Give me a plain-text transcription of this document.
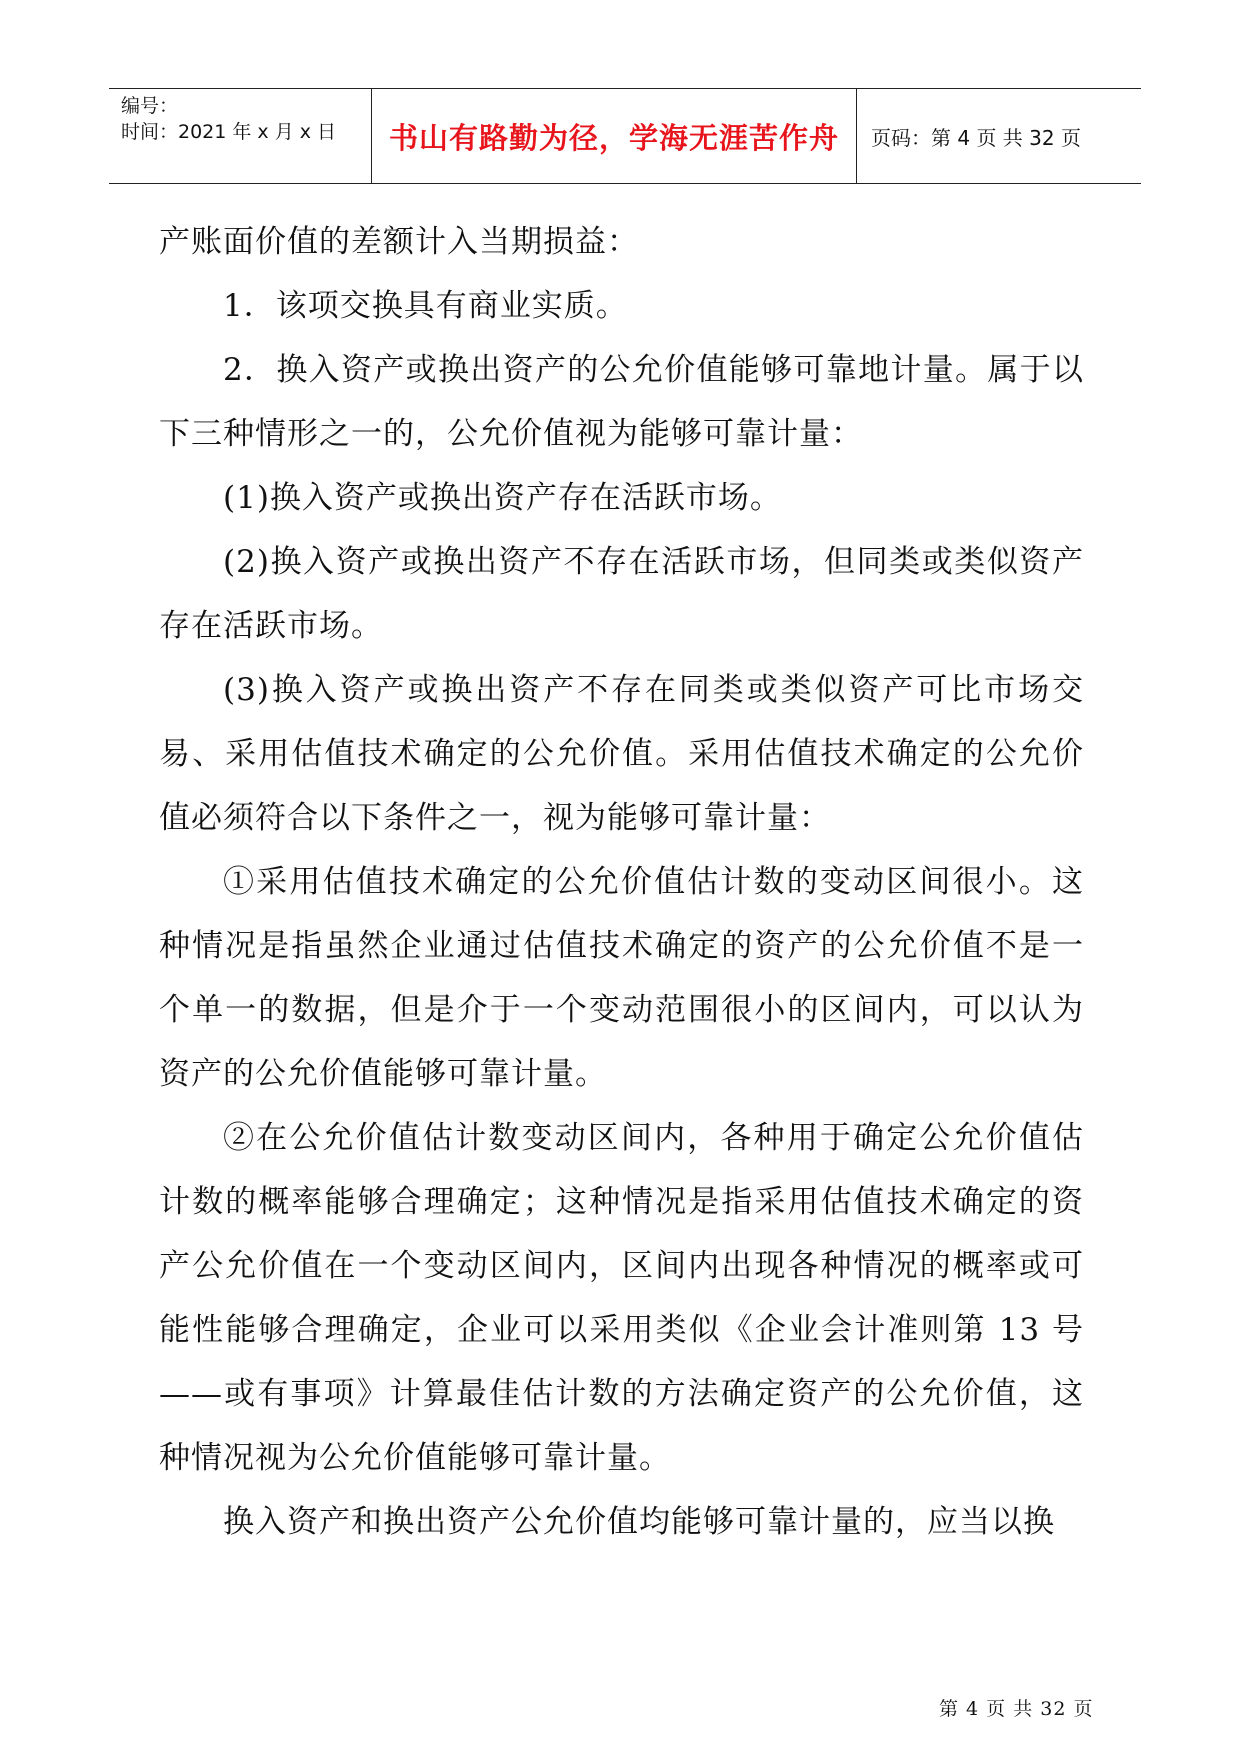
编号：
时间：2021 年 x 月 x 日	书山有路勤为径，学海无涯苦作舟 页码：第 4 页 共 32 页

产账面价值的差额计入当期损益：

1．该项交换具有商业实质。

2．换入资产或换出资产的公允价值能够可靠地计量。属于以下三种情形之一的，公允价值视为能够可靠计量：

(1)换入资产或换出资产存在活跃市场。

(2)换入资产或换出资产不存在活跃市场，但同类或类似资产存在活跃市场。

(3)换入资产或换出资产不存在同类或类似资产可比市场交易、采用估值技术确定的公允价值。采用估值技术确定的公允价值必须符合以下条件之一，视为能够可靠计量：

①采用估值技术确定的公允价值估计数的变动区间很小。这种情况是指虽然企业通过估值技术确定的资产的公允价值不是一个单一的数据，但是介于一个变动范围很小的区间内，可以认为资产的公允价值能够可靠计量。

②在公允价值估计数变动区间内，各种用于确定公允价值估计数的概率能够合理确定；这种情况是指采用估值技术确定的资产公允价值在一个变动区间内，区间内出现各种情况的概率或可能性能够合理确定，企业可以采用类似《企业会计准则第 13 号——或有事项》计算最佳估计数的方法确定资产的公允价值，这种情况视为公允价值能够可靠计量。

换入资产和换出资产公允价值均能够可靠计量的，应当以换

第 4 页 共 32 页
